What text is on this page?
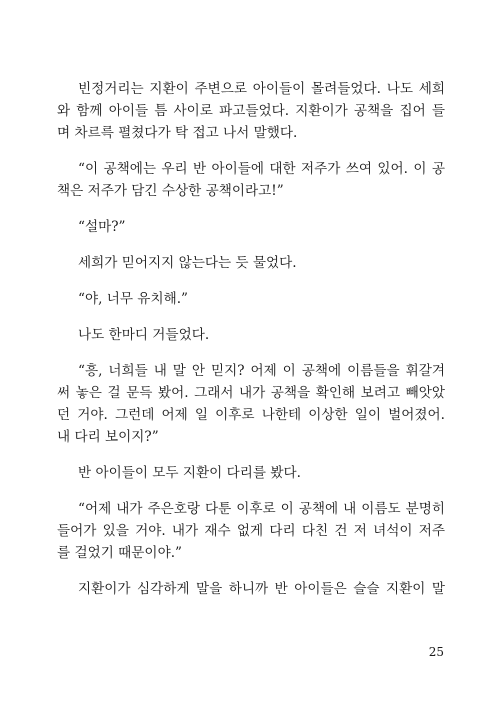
빈정거리는 지환이 주변으로 아이들이 몰려들었다. 나도 세희
와 함께 아이들 틈 사이로 파고들었다. 지환이가 공책을 집어 들
며 차르륵 펼쳤다가 탁 접고 나서 말했다.
“이 공책에는 우리 반 아이들에 대한 저주가 쓰여 있어. 이 공
책은 저주가 담긴 수상한 공책이라고!”
“설마?”
세희가 믿어지지 않는다는 듯 물었다.
“야, 너무 유치해.”
나도 한마디 거들었다.
“흥, 너희들 내 말 안 믿지? 어제 이 공책에 이름들을 휘갈겨
써 놓은 걸 문득 봤어. 그래서 내가 공책을 확인해 보려고 빼앗았
던 거야. 그런데 어제 일 이후로 나한테 이상한 일이 벌어졌어.
내 다리 보이지?”
반 아이들이 모두 지환이 다리를 봤다.
“어제 내가 주은호랑 다툰 이후로 이 공책에 내 이름도 분명히
들어가 있을 거야. 내가 재수 없게 다리 다친 건 저 녀석이 저주
를 걸었기 때문이야.”
지환이가 심각하게 말을 하니까 반 아이들은 슬슬 지환이 말
25
